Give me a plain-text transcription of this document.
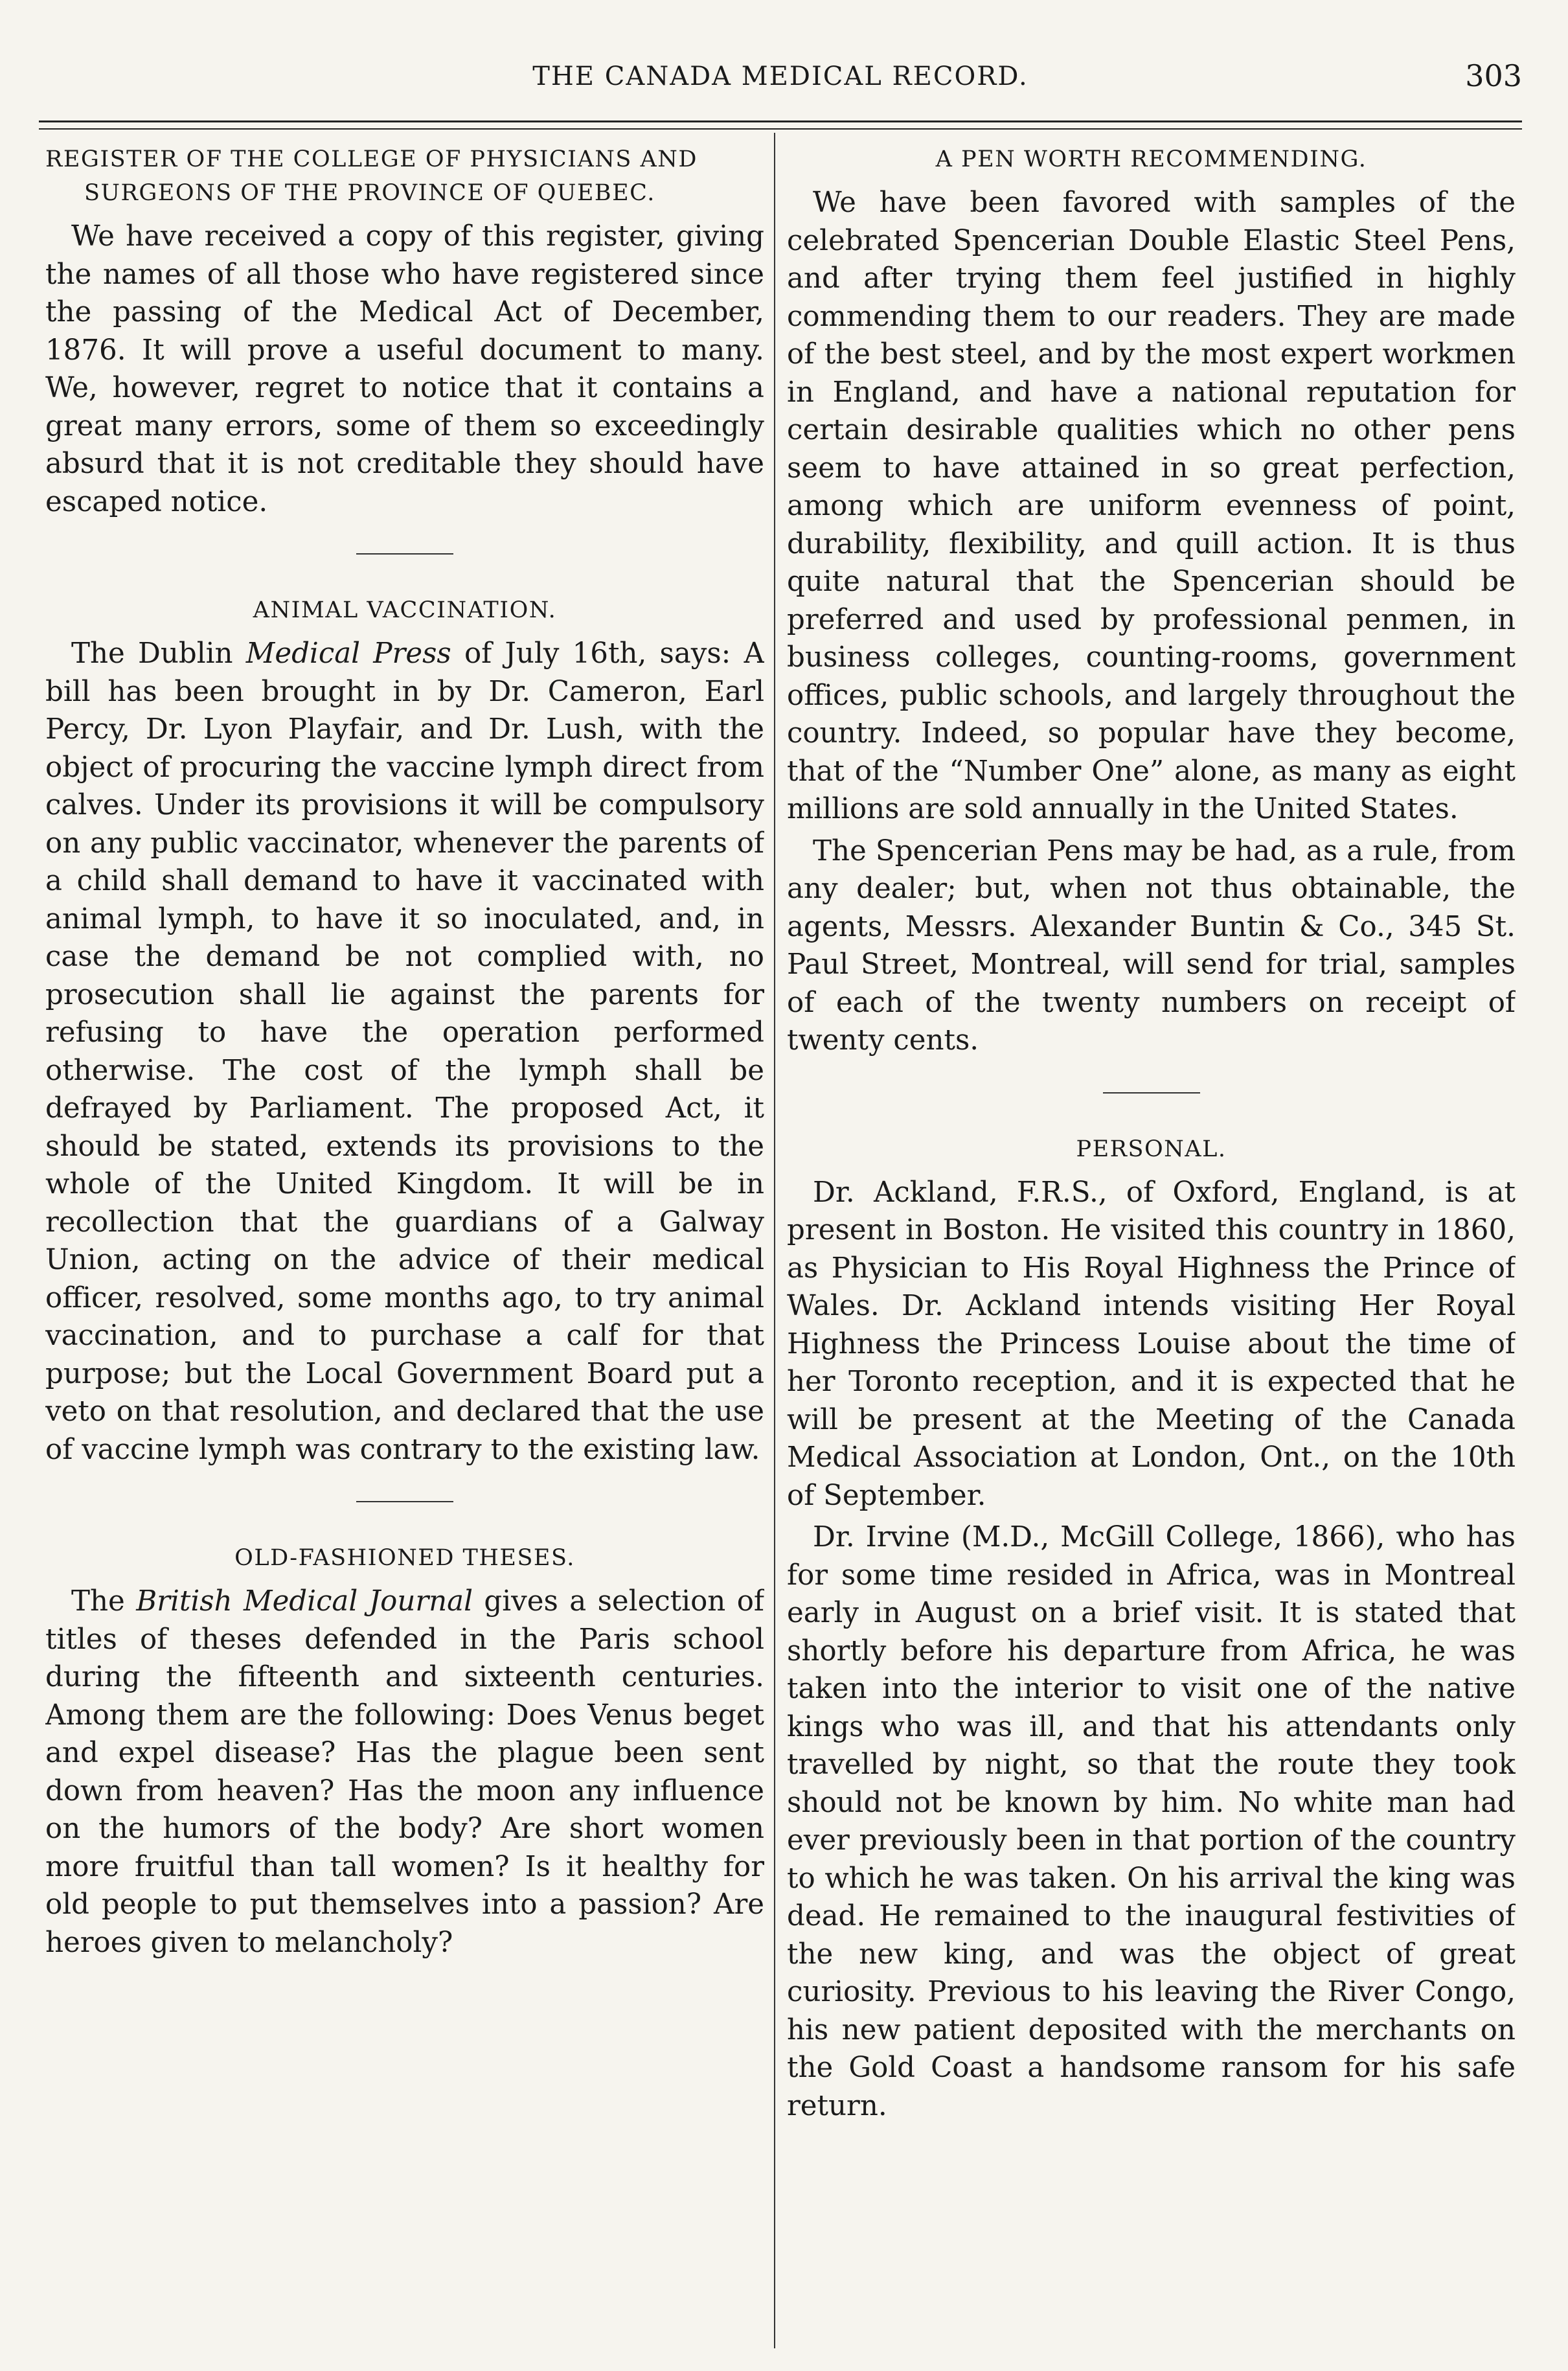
THE CANADA MEDICAL RECORD.	303
REGISTER OF THE COLLEGE OF PHYSICIANS AND
SURGEONS OF THE PROVINCE OF QUEBEC.

We have received a copy of this register, giving the names of all those who have registered since the passing of the Medical Act of December, 1876. It will prove a useful document to many. We, however, regret to notice that it contains a great many errors, some of them so exceedingly absurd that it is not creditable they should have escaped notice.

ANIMAL VACCINATION.

The Dublin Medical Press of July 16th, says: A bill has been brought in by Dr. Cameron, Earl Percy, Dr. Lyon Playfair, and Dr. Lush, with the object of procuring the vaccine lymph direct from calves. Under its provisions it will be compulsory on any public vaccinator, whenever the parents of a child shall demand to have it vaccinated with animal lymph, to have it so inoculated, and, in case the demand be not complied with, no prosecution shall lie against the parents for refusing to have the operation performed otherwise. The cost of the lymph shall be defrayed by Parliament. The proposed Act, it should be stated, extends its provisions to the whole of the United Kingdom. It will be in recollection that the guardians of a Galway Union, acting on the advice of their medical officer, resolved, some months ago, to try animal vaccination, and to purchase a calf for that purpose; but the Local Government Board put a veto on that resolution, and declared that the use of vaccine lymph was contrary to the existing law.

OLD-FASHIONED THESES.

The British Medical Journal gives a selection of titles of theses defended in the Paris school during the fifteenth and sixteenth centuries. Among them are the following: Does Venus beget and expel disease? Has the plague been sent down from heaven? Has the moon any influence on the humors of the body? Are short women more fruitful than tall women? Is it healthy for old people to put themselves into a passion? Are heroes given to melancholy?

A PEN WORTH RECOMMENDING.

We have been favored with samples of the celebrated Spencerian Double Elastic Steel Pens, and after trying them feel justified in highly commending them to our readers. They are made of the best steel, and by the most expert workmen in England, and have a national reputation for certain desirable qualities which no other pens seem to have attained in so great perfection, among which are uniform evenness of point, durability, flexibility, and quill action. It is thus quite natural that the Spencerian should be preferred and used by professional penmen, in business colleges, counting-rooms, government offices, public schools, and largely throughout the country. Indeed, so popular have they become, that of the “Number One” alone, as many as eight millions are sold annually in the United States.

The Spencerian Pens may be had, as a rule, from any dealer; but, when not thus obtainable, the agents, Messrs. Alexander Buntin & Co., 345 St. Paul Street, Montreal, will send for trial, samples of each of the twenty numbers on receipt of twenty cents.

PERSONAL.

Dr. Ackland, F.R.S., of Oxford, England, is at present in Boston. He visited this country in 1860, as Physician to His Royal Highness the Prince of Wales. Dr. Ackland intends visiting Her Royal Highness the Princess Louise about the time of her Toronto reception, and it is expected that he will be present at the Meeting of the Canada Medical Association at London, Ont., on the 10th of September.

Dr. Irvine (M.D., McGill College, 1866), who has for some time resided in Africa, was in Montreal early in August on a brief visit. It is stated that shortly before his departure from Africa, he was taken into the interior to visit one of the native kings who was ill, and that his attendants only travelled by night, so that the route they took should not be known by him. No white man had ever previously been in that portion of the country to which he was taken. On his arrival the king was dead. He remained to the inaugural festivities of the new king, and was the object of great curiosity. Previous to his leaving the River Congo, his new patient deposited with the merchants on the Gold Coast a handsome ransom for his safe return.
